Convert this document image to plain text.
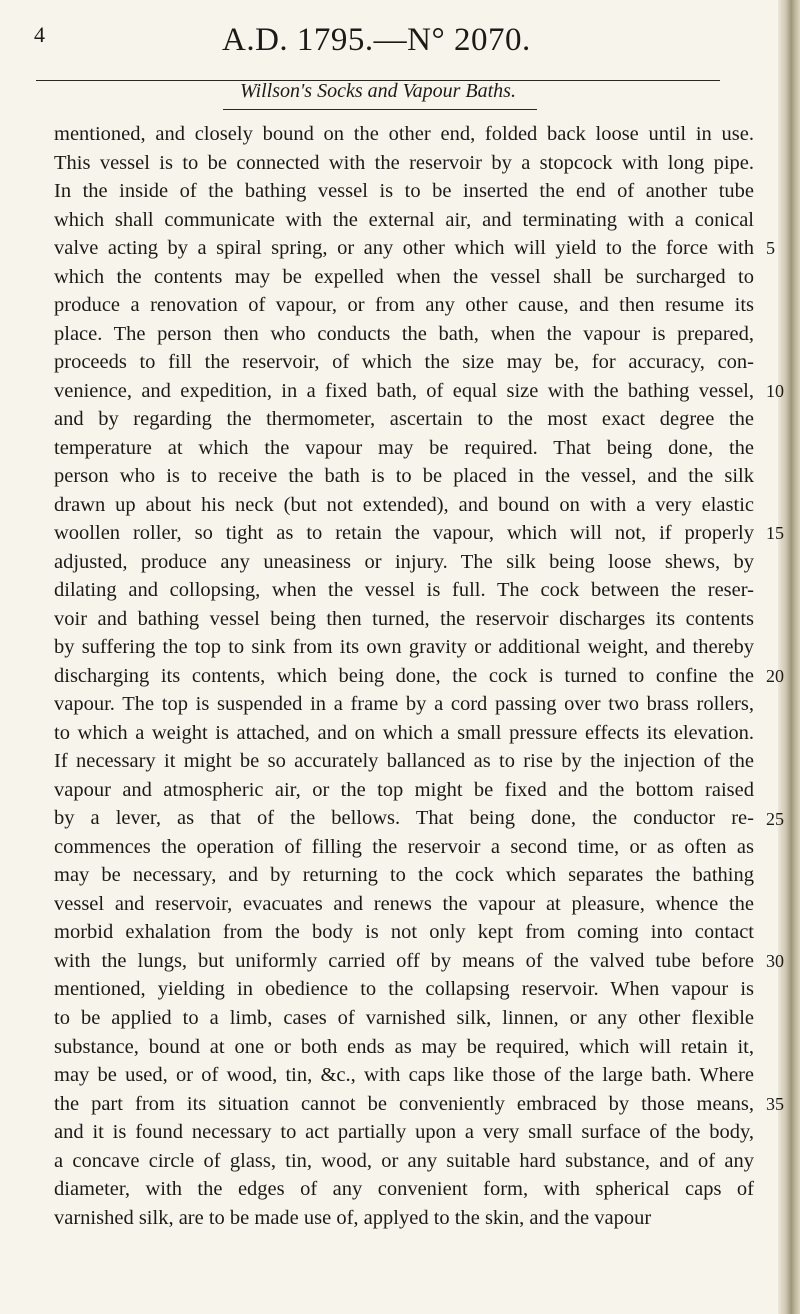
4	A.D. 1795.—N° 2070.
Willson's Socks and Vapour Baths.
mentioned, and closely bound on the other end, folded back loose until in use.
This vessel is to be connected with the reservoir by a stopcock with long pipe.
In the inside of the bathing vessel is to be inserted the end of another tube
which shall communicate with the external air, and terminating with a conical
valve acting by a spiral spring, or any other which will yield to the force with 5
which the contents may be expelled when the vessel shall be surcharged to
produce a renovation of vapour, or from any other cause, and then resume its
place. The person then who conducts the bath, when the vapour is prepared,
proceeds to fill the reservoir, of which the size may be, for accuracy, con-
venience, and expedition, in a fixed bath, of equal size with the bathing vessel, 10
and by regarding the thermometer, ascertain to the most exact degree the
temperature at which the vapour may be required. That being done, the
person who is to receive the bath is to be placed in the vessel, and the silk
drawn up about his neck (but not extended), and bound on with a very elastic
woollen roller, so tight as to retain the vapour, which will not, if properly 15
adjusted, produce any uneasiness or injury. The silk being loose shews, by
dilating and collopsing, when the vessel is full. The cock between the reser-
voir and bathing vessel being then turned, the reservoir discharges its contents
by suffering the top to sink from its own gravity or additional weight, and thereby
discharging its contents, which being done, the cock is turned to confine the 20
vapour. The top is suspended in a frame by a cord passing over two brass rollers,
to which a weight is attached, and on which a small pressure effects its elevation.
If necessary it might be so accurately ballanced as to rise by the injection of the
vapour and atmospheric air, or the top might be fixed and the bottom raised
by a lever, as that of the bellows. That being done, the conductor re- 25
commences the operation of filling the reservoir a second time, or as often as
may be necessary, and by returning to the cock which separates the bathing
vessel and reservoir, evacuates and renews the vapour at pleasure, whence the
morbid exhalation from the body is not only kept from coming into contact
with the lungs, but uniformly carried off by means of the valved tube before 30
mentioned, yielding in obedience to the collapsing reservoir. When vapour is
to be applied to a limb, cases of varnished silk, linnen, or any other flexible
substance, bound at one or both ends as may be required, which will retain it,
may be used, or of wood, tin, &c., with caps like those of the large bath. Where
the part from its situation cannot be conveniently embraced by those means, 35
and it is found necessary to act partially upon a very small surface of the body,
a concave circle of glass, tin, wood, or any suitable hard substance, and of any
diameter, with the edges of any convenient form, with spherical caps of
varnished silk, are to be made use of, applyed to the skin, and the vapour
